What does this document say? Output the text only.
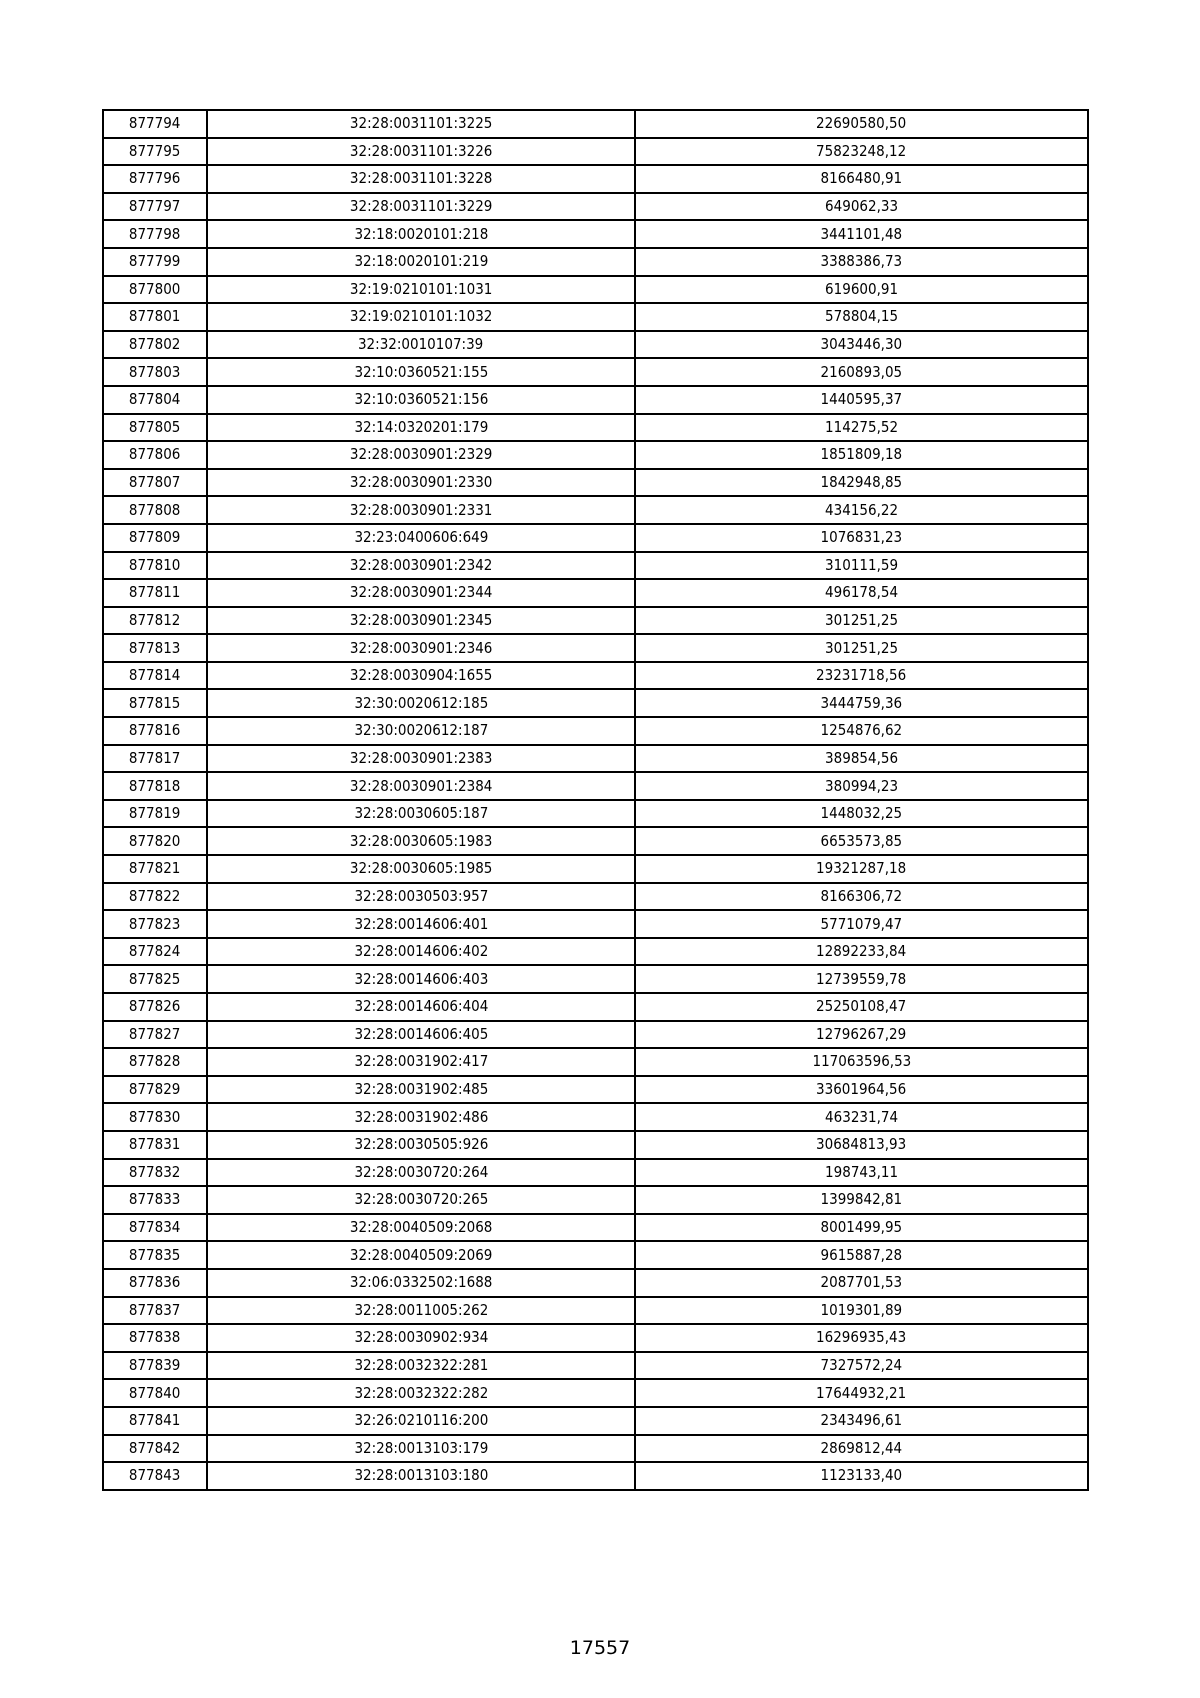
877794	32:28:0031101:3225	22690580,50
877795	32:28:0031101:3226	75823248,12
877796	32:28:0031101:3228	8166480,91
877797	32:28:0031101:3229	649062,33
877798	32:18:0020101:218	3441101,48
877799	32:18:0020101:219	3388386,73
877800	32:19:0210101:1031	619600,91
877801	32:19:0210101:1032	578804,15
877802	32:32:0010107:39	3043446,30
877803	32:10:0360521:155	2160893,05
877804	32:10:0360521:156	1440595,37
877805	32:14:0320201:179	114275,52
877806	32:28:0030901:2329	1851809,18
877807	32:28:0030901:2330	1842948,85
877808	32:28:0030901:2331	434156,22
877809	32:23:0400606:649	1076831,23
877810	32:28:0030901:2342	310111,59
877811	32:28:0030901:2344	496178,54
877812	32:28:0030901:2345	301251,25
877813	32:28:0030901:2346	301251,25
877814	32:28:0030904:1655	23231718,56
877815	32:30:0020612:185	3444759,36
877816	32:30:0020612:187	1254876,62
877817	32:28:0030901:2383	389854,56
877818	32:28:0030901:2384	380994,23
877819	32:28:0030605:187	1448032,25
877820	32:28:0030605:1983	6653573,85
877821	32:28:0030605:1985	19321287,18
877822	32:28:0030503:957	8166306,72
877823	32:28:0014606:401	5771079,47
877824	32:28:0014606:402	12892233,84
877825	32:28:0014606:403	12739559,78
877826	32:28:0014606:404	25250108,47
877827	32:28:0014606:405	12796267,29
877828	32:28:0031902:417	117063596,53
877829	32:28:0031902:485	33601964,56
877830	32:28:0031902:486	463231,74
877831	32:28:0030505:926	30684813,93
877832	32:28:0030720:264	198743,11
877833	32:28:0030720:265	1399842,81
877834	32:28:0040509:2068	8001499,95
877835	32:28:0040509:2069	9615887,28
877836	32:06:0332502:1688	2087701,53
877837	32:28:0011005:262	1019301,89
877838	32:28:0030902:934	16296935,43
877839	32:28:0032322:281	7327572,24
877840	32:28:0032322:282	17644932,21
877841	32:26:0210116:200	2343496,61
877842	32:28:0013103:179	2869812,44
877843	32:28:0013103:180	1123133,40
17557
